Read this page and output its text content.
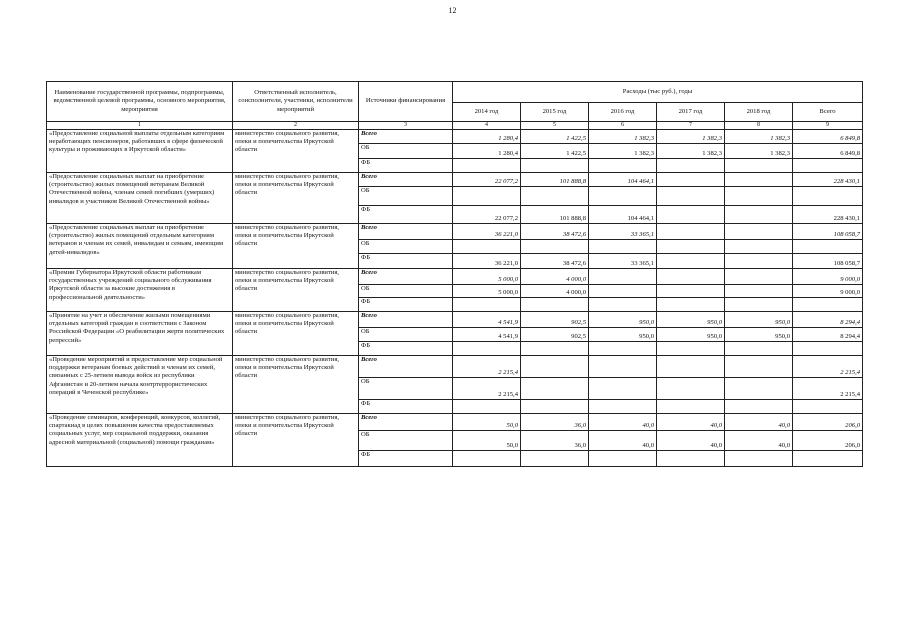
12
Наименование государственной программы, подпрограммы, ведомственной целевой программы, основного мероприятия, мероприятия	Ответственный исполнитель, соисполнители, участники, исполнители мероприятий	Источники финансирования	Расходы (тыс руб.), годы					
			2014 год	2015 год	2016 год	2017 год	2018 год	Всего
1	2	3	4	5	6	7	8	9
«Предоставление социальной выплаты отдельным категориям неработающих пенсионеров, работавших в сфере физической культуры и проживающих в Иркутской области»	министерство социального развития, опеки и попечительства Иркутской области	Всего	1 280,4	1 422,5	1 382,3	1 382,3	1 382,3	6 849,8
		ОБ	1 280,4	1 422,5	1 382,3	1 382,3	1 382,3	6 849,8
		ФБ						
«Предоставление социальных выплат на приобретение (строительство) жилых помещений ветеранам Великой Отечественной войны, членам семей погибших (умерших) инвалидов и участников Великой Отечественной войны»	министерство социального развития, опеки и попечительства Иркутской области	Всего	22 077,2	101 888,8	104 464,1			228 430,1
		ОБ						
		ФБ	22 077,2	101 888,8	104 464,1			228 430,1
«Предоставление социальных выплат на приобретение (строительство) жилых помещений отдельным категориям ветеранов и членам их семей, инвалидам и семьям, имеющим детей-инвалидов»	министерство социального развития, опеки и попечительства Иркутской области	Всего	36 221,0	38 472,6	33 365,1			108 058,7
		ОБ						
		ФБ	36 221,0	38 472,6	33 365,1			108 058,7
«Премии Губернатора Иркутской области работникам государственных учреждений социального обслуживания Иркутской области за высокие достижения в профессиональной деятельности»	министерство социального развития, опеки и попечительства Иркутской области	Всего	5 000,0	4 000,0				9 000,0
		ОБ	5 000,0	4 000,0				9 000,0
		ФБ						
«Принятие на учет и обеспечение жилыми помещениями отдельных категорий граждан в соответствии с Законом Российской Федерации «О реабилитации жертв политических репрессий»	министерство социального развития, опеки и попечительства Иркутской области	Всего	4 541,9	902,5	950,0	950,0	950,0	8 294,4
		ОБ	4 541,9	902,5	950,0	950,0	950,0	8 294,4
		ФБ						
«Проведение мероприятий и предоставление мер социальной поддержки ветеранам боевых действий и членам их семей, связанных с 25-летием вывода войск из республики Афганистан и 20-летием начала контртеррористических операций в Чеченской республике»	министерство социального развития, опеки и попечительства Иркутской области	Всего	2 215,4					2 215,4
		ОБ	2 215,4					2 215,4
		ФБ						
«Проведение семинаров, конференций, конкурсов, коллегий, спартакиад в целях повышения качества предоставляемых социальных услуг, мер социальной поддержки, оказания адресной материальной (социальной) помощи гражданам»	министерство социального развития, опеки и попечительства Иркутской области	Всего	50,0	36,0	40,0	40,0	40,0	206,0
		ОБ	50,0	36,0	40,0	40,0	40,0	206,0
		ФБ						
